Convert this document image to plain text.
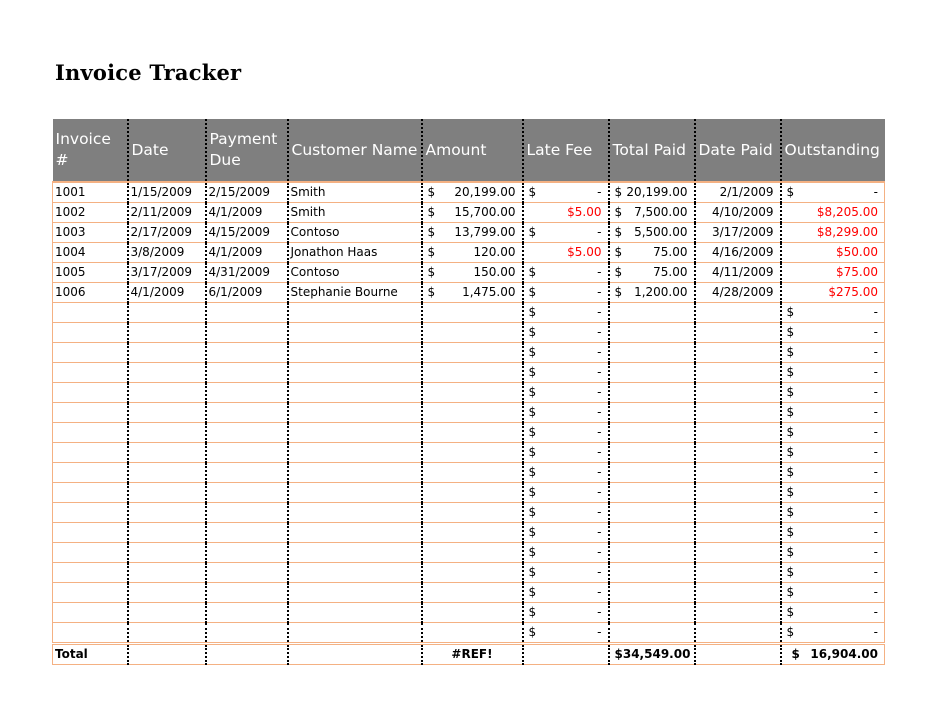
Invoice Tracker
Invoice #	Date	Payment Due	Customer Name	Amount	Late Fee	Total Paid	Date Paid	Outstanding
1001	1/15/2009	2/15/2009	Smith	$ 20,199.00	$ -	$ 20,199.00	2/1/2009	$ -

1002	2/11/2009	4/1/2009	Smith	$ 15,700.00	$5.00	$ 7,500.00	4/10/2009	$8,205.00
1003	2/17/2009	4/15/2009	Contoso	$ 13,799.00	$ -	$ 5,500.00	3/17/2009	$8,299.00
1004	3/8/2009	4/1/2009	Jonathon Haas	$ 120.00	$5.00	$ 75.00	4/16/2009	$50.00
1005	3/17/2009	4/31/2009	Contoso	$ 150.00	$ -	$ 75.00	4/11/2009	$75.00
1006	4/1/2009	6/1/2009	Stephanie Bourne	$ 1,475.00	$ -	$ 1,200.00	4/28/2009	$275.00

					$ -			$ -

					$ -			$ -

					$ -			$ -

					$ -			$ -

					$ -			$ -

					$ -			$ -

					$ -			$ -

					$ -			$ -

					$ -			$ -

					$ -			$ -

					$ -			$ -

					$ -			$ -

					$ -			$ -

					$ -			$ -

					$ -			$ -

					$ -			$ -

					$ -			$ -

Total				#REF!		$ 34,549.00		$ 16,904.00
